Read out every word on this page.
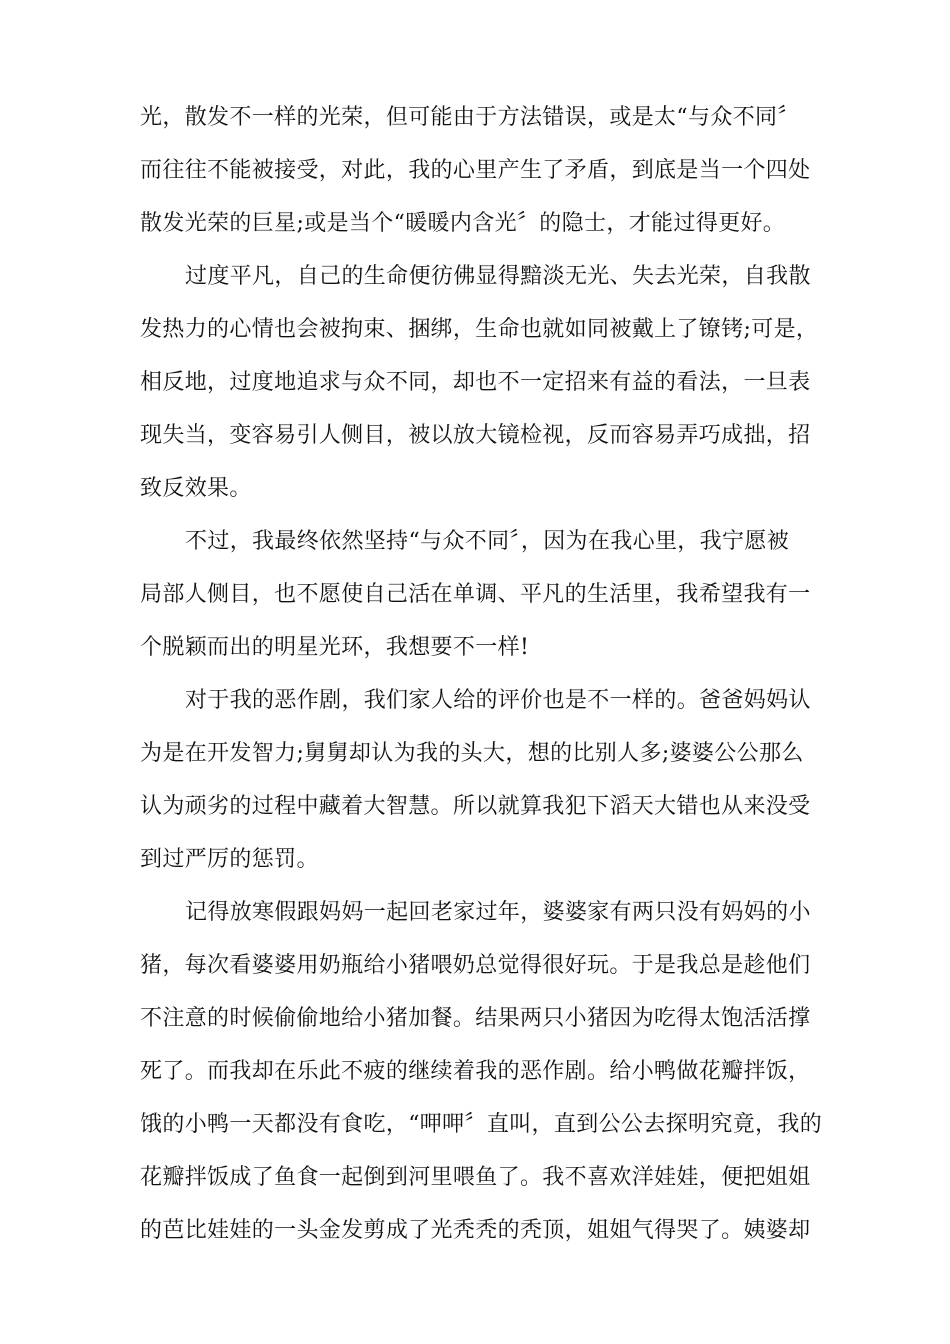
光，散发不一样的光荣，但可能由于方法错误，或是太“与众不同〞
而往往不能被接受，对此，我的心里产生了矛盾，到底是当一个四处
散发光荣的巨星;或是当个“暖暖内含光〞的隐士，才能过得更好。
过度平凡，自己的生命便彷佛显得黯淡无光、失去光荣，自我散
发热力的心情也会被拘束、捆绑，生命也就如同被戴上了镣铐;可是，
相反地，过度地追求与众不同，却也不一定招来有益的看法，一旦表
现失当，变容易引人侧目，被以放大镜检视，反而容易弄巧成拙，招
致反效果。
不过，我最终依然坚持“与众不同〞，因为在我心里，我宁愿被
局部人侧目，也不愿使自己活在单调、平凡的生活里，我希望我有一
个脱颖而出的明星光环，我想要不一样!
对于我的恶作剧，我们家人给的评价也是不一样的。爸爸妈妈认
为是在开发智力;舅舅却认为我的头大，想的比别人多;婆婆公公那么
认为顽劣的过程中藏着大智慧。所以就算我犯下滔天大错也从来没受
到过严厉的惩罚。
记得放寒假跟妈妈一起回老家过年，婆婆家有两只没有妈妈的小
猪，每次看婆婆用奶瓶给小猪喂奶总觉得很好玩。于是我总是趁他们
不注意的时候偷偷地给小猪加餐。结果两只小猪因为吃得太饱活活撑
死了。而我却在乐此不疲的继续着我的恶作剧。给小鸭做花瓣拌饭，
饿的小鸭一天都没有食吃，“呷呷〞直叫，直到公公去探明究竟，我的
花瓣拌饭成了鱼食一起倒到河里喂鱼了。我不喜欢洋娃娃，便把姐姐
的芭比娃娃的一头金发剪成了光秃秃的秃顶，姐姐气得哭了。姨婆却
